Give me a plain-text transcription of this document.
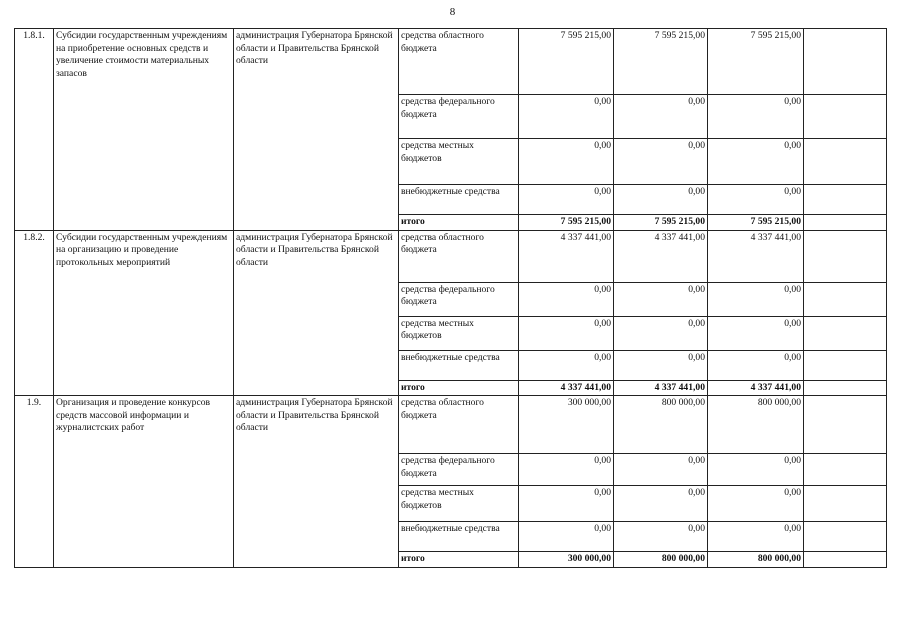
8
1.8.1.	Субсидии государственным учреждениям на приобретение основных средств и увеличение стоимости материальных запасов	администрация Губернатора Брянской области и Правительства Брянской области	средства областного бюджета	7 595 215,00	7 595 215,00	7 595 215,00	
			средства федерального бюджета	0,00	0,00	0,00	
			средства местных бюджетов	0,00	0,00	0,00	
			внебюджетные средства	0,00	0,00	0,00	
			итого	7 595 215,00	7 595 215,00	7 595 215,00	
1.8.2.	Субсидии государственным учреждениям на организацию и проведение протокольных мероприятий	администрация Губернатора Брянской области и Правительства Брянской области	средства областного бюджета	4 337 441,00	4 337 441,00	4 337 441,00	
			средства федерального бюджета	0,00	0,00	0,00	
			средства местных бюджетов	0,00	0,00	0,00	
			внебюджетные средства	0,00	0,00	0,00	
			итого	4 337 441,00	4 337 441,00	4 337 441,00	
1.9.	Организация и проведение конкурсов средств массовой информации и журналистских работ	администрация Губернатора Брянской области и Правительства Брянской области	средства областного бюджета	300 000,00	800 000,00	800 000,00	
			средства федерального бюджета	0,00	0,00	0,00	
			средства местных бюджетов	0,00	0,00	0,00	
			внебюджетные средства	0,00	0,00	0,00	
			итого	300 000,00	800 000,00	800 000,00	
